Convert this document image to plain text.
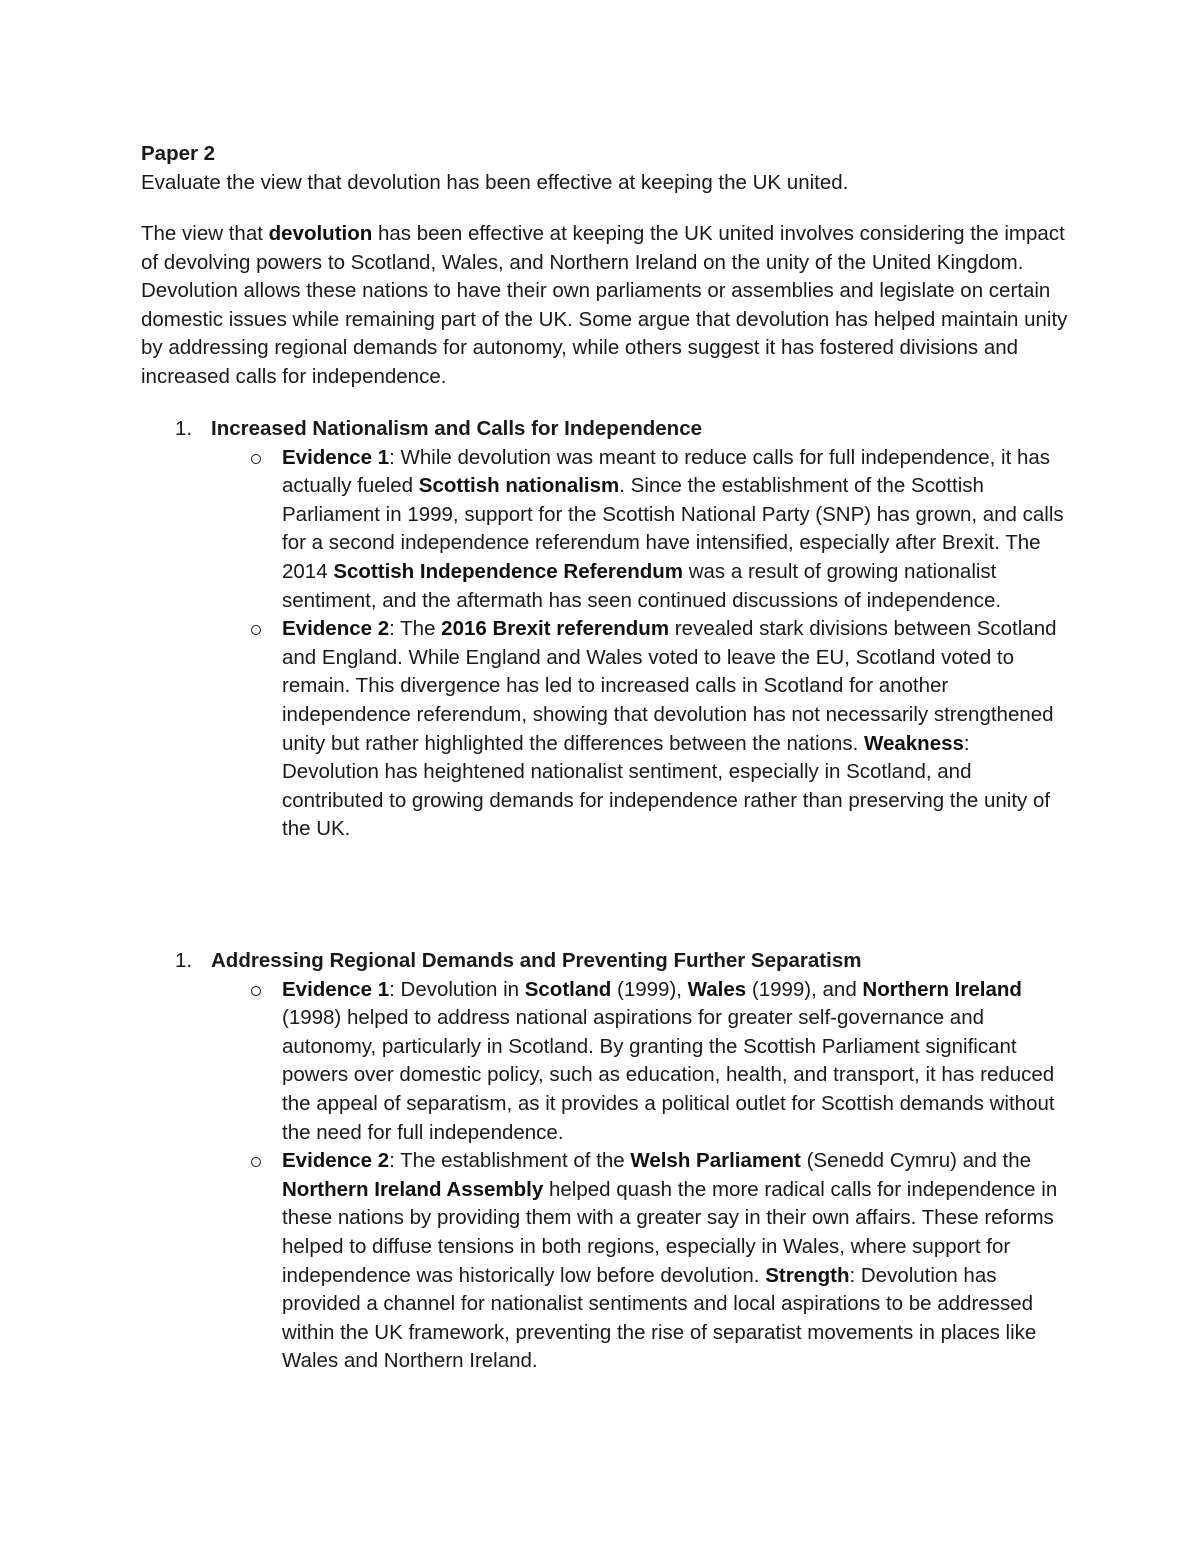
Paper 2

Evaluate the view that devolution has been effective at keeping the UK united.

The view that devolution has been effective at keeping the UK united involves considering the impact of devolving powers to Scotland, Wales, and Northern Ireland on the unity of the United Kingdom. Devolution allows these nations to have their own parliaments or assemblies and legislate on certain domestic issues while remaining part of the UK. Some argue that devolution has helped maintain unity by addressing regional demands for autonomy, while others suggest it has fostered divisions and increased calls for independence.

1. Increased Nationalism and Calls for Independence

Evidence 1: While devolution was meant to reduce calls for full independence, it has actually fueled Scottish nationalism. Since the establishment of the Scottish Parliament in 1999, support for the Scottish National Party (SNP) has grown, and calls for a second independence referendum have intensified, especially after Brexit. The 2014 Scottish Independence Referendum was a result of growing nationalist sentiment, and the aftermath has seen continued discussions of independence.

Evidence 2: The 2016 Brexit referendum revealed stark divisions between Scotland and England. While England and Wales voted to leave the EU, Scotland voted to remain. This divergence has led to increased calls in Scotland for another independence referendum, showing that devolution has not necessarily strengthened unity but rather highlighted the differences between the nations. Weakness: Devolution has heightened nationalist sentiment, especially in Scotland, and contributed to growing demands for independence rather than preserving the unity of the UK.

1. Addressing Regional Demands and Preventing Further Separatism

Evidence 1: Devolution in Scotland (1999), Wales (1999), and Northern Ireland (1998) helped to address national aspirations for greater self-governance and autonomy, particularly in Scotland. By granting the Scottish Parliament significant powers over domestic policy, such as education, health, and transport, it has reduced the appeal of separatism, as it provides a political outlet for Scottish demands without the need for full independence.

Evidence 2: The establishment of the Welsh Parliament (Senedd Cymru) and the Northern Ireland Assembly helped quash the more radical calls for independence in these nations by providing them with a greater say in their own affairs. These reforms helped to diffuse tensions in both regions, especially in Wales, where support for independence was historically low before devolution. Strength: Devolution has provided a channel for nationalist sentiments and local aspirations to be addressed within the UK framework, preventing the rise of separatist movements in places like Wales and Northern Ireland.
